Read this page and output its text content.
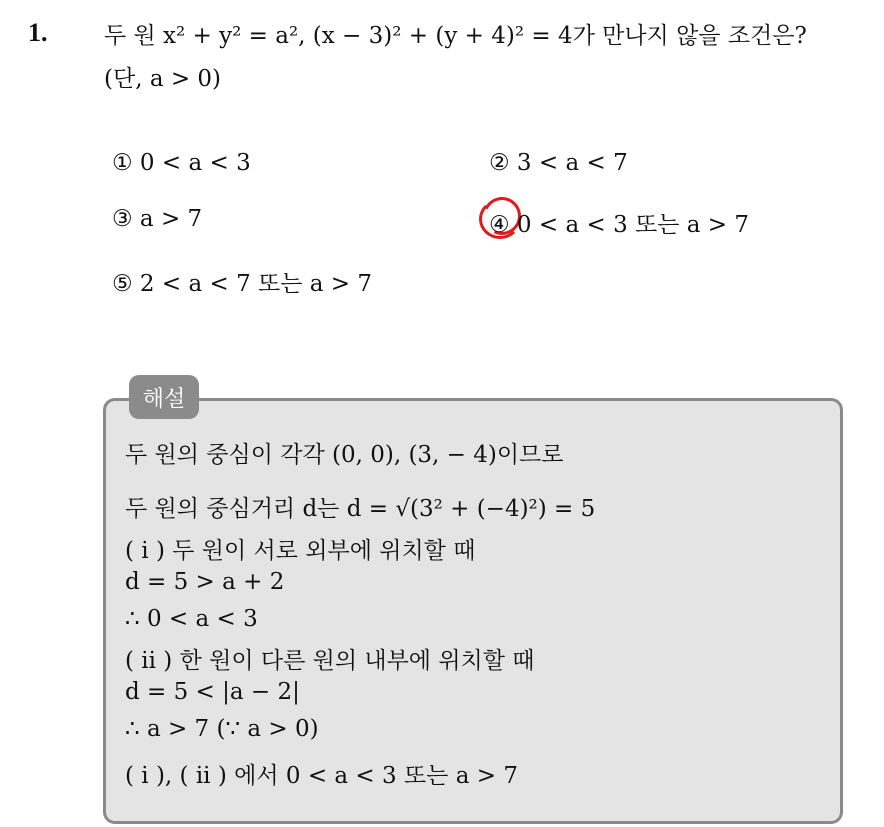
1. 두 원 x² + y² = a², (x − 3)² + (y + 4)² = 4가 만나지 않을 조건은?
(단, a > 0)
① 0 < a < 3	② 3 < a < 7
③ a > 7	④ 0 < a < 3 또는 a > 7
⑤ 2 < a < 7 또는 a > 7
해설
두 원의 중심이 각각 (0, 0), (3, − 4)이므로
두 원의 중심거리 d는 d = √(3² + (−4)²) = 5
( i ) 두 원이 서로 외부에 위치할 때
d = 5 > a + 2
∴ 0 < a < 3
( ii ) 한 원이 다른 원의 내부에 위치할 때
d = 5 < |a − 2|
∴ a > 7 (∵ a > 0)
( i ), ( ii ) 에서 0 < a < 3 또는 a > 7
